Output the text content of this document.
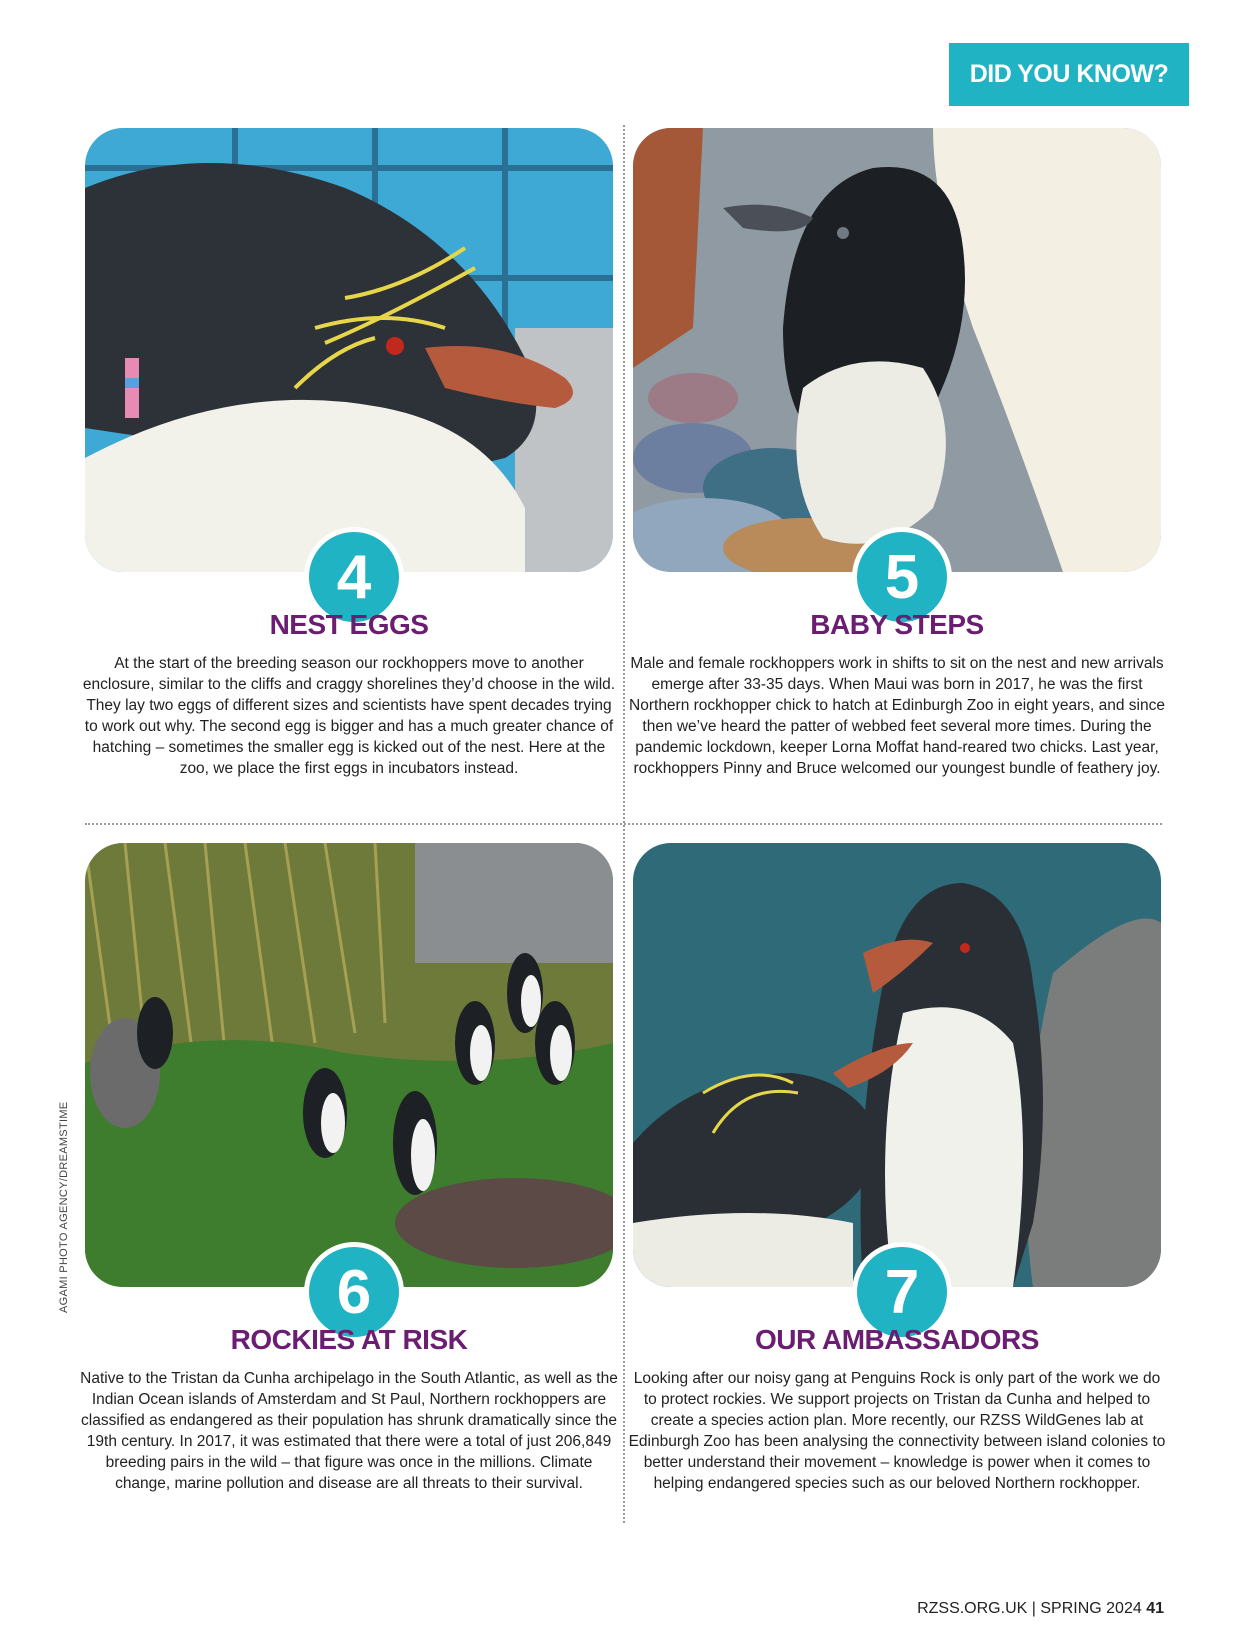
DID YOU KNOW?
4
NEST EGGS
At the start of the breeding season our rockhoppers move to another enclosure, similar to the cliffs and craggy shorelines they’d choose in the wild. They lay two eggs of different sizes and scientists have spent decades trying to work out why. The second egg is bigger and has a much greater chance of hatching – sometimes the smaller egg is kicked out of the nest. Here at the zoo, we place the first eggs in incubators instead.
5
BABY STEPS
Male and female rockhoppers work in shifts to sit on the nest and new arrivals emerge after 33-35 days. When Maui was born in 2017, he was the first Northern rockhopper chick to hatch at Edinburgh Zoo in eight years, and since then we’ve heard the patter of webbed feet several more times. During the pandemic lockdown, keeper Lorna Moffat hand-reared two chicks. Last year, rockhoppers Pinny and Bruce welcomed our youngest bundle of feathery joy.
6
ROCKIES AT RISK
Native to the Tristan da Cunha archipelago in the South Atlantic, as well as the Indian Ocean islands of Amsterdam and St Paul, Northern rockhoppers are classified as endangered as their population has shrunk dramatically since the 19th century. In 2017, it was estimated that there were a total of just 206,849 breeding pairs in the wild – that figure was once in the millions. Climate change, marine pollution and disease are all threats to their survival.
7
OUR AMBASSADORS
Looking after our noisy gang at Penguins Rock is only part of the work we do to protect rockies. We support projects on Tristan da Cunha and helped to create a species action plan. More recently, our RZSS WildGenes lab at Edinburgh Zoo has been analysing the connectivity between island colonies to better understand their movement – knowledge is power when it comes to helping endangered species such as our beloved Northern rockhopper.
AGAMI PHOTO AGENCY/DREAMSTIME
RZSS.ORG.UK | SPRING 2024 41
